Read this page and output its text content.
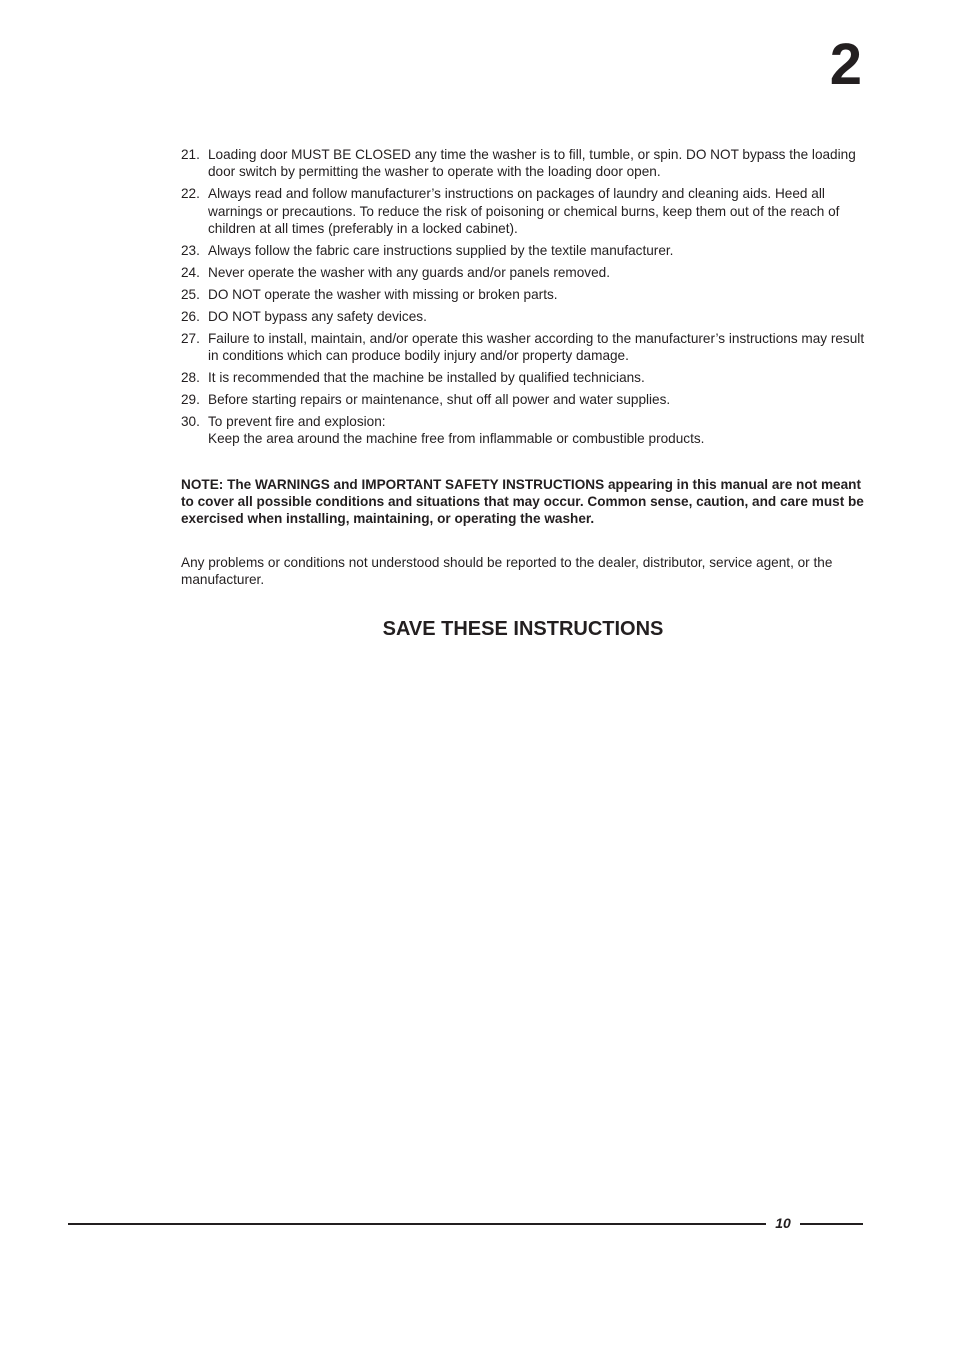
2
21. Loading door MUST BE CLOSED any time the washer is to fill, tumble, or spin. DO NOT bypass the loading door switch by permitting the washer to operate with the loading door open.
22. Always read and follow manufacturer’s instructions on packages of laundry and cleaning aids. Heed all warnings or precautions. To reduce the risk of poisoning or chemical burns, keep them out of the reach of children at all times (preferably in a locked cabinet).
23. Always follow the fabric care instructions supplied by the textile manufacturer.
24. Never operate the washer with any guards and/or panels removed.
25. DO NOT operate the washer with missing or broken parts.
26. DO NOT bypass any safety devices.
27. Failure to install, maintain, and/or operate this washer according to the manufacturer’s instructions may result in conditions which can produce bodily injury and/or property damage.
28. It is recommended that the machine be installed by qualified technicians.
29. Before starting repairs or maintenance, shut off all power and water supplies.
30. To prevent fire and explosion:
Keep the area around the machine free from inflammable or combustible products.

NOTE: The WARNINGS and IMPORTANT SAFETY INSTRUCTIONS appearing in this manual are not meant to cover all possible conditions and situations that may occur. Common sense, caution, and care must be exercised when installing, maintaining, or operating the washer.

Any problems or conditions not understood should be reported to the dealer, distributor, service agent, or the manufacturer.

SAVE THESE INSTRUCTIONS
10
